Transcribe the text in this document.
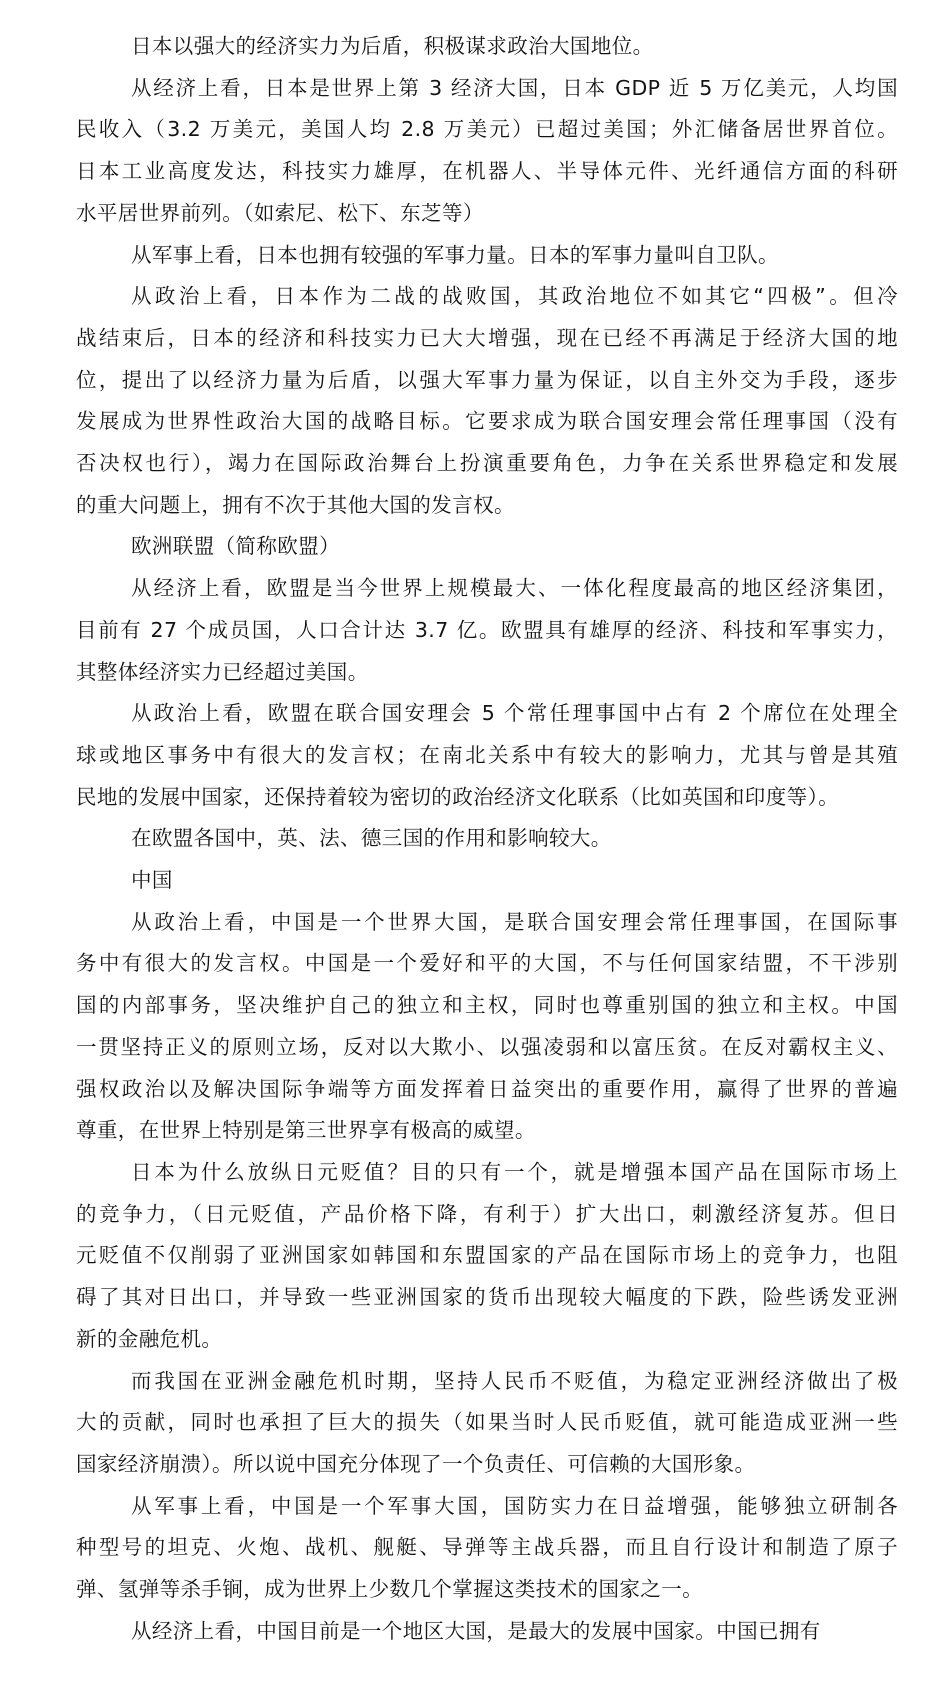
日本以强大的经济实力为后盾，积极谋求政治大国地位。
从经济上看，日本是世界上第 3 经济大国，日本 GDP 近 5 万亿美元，人均国
民收入（3.2 万美元，美国人均 2.8 万美元）已超过美国；外汇储备居世界首位。
日本工业高度发达，科技实力雄厚，在机器人、半导体元件、光纤通信方面的科研
水平居世界前列。（如索尼、松下、东芝等）
从军事上看，日本也拥有较强的军事力量。日本的军事力量叫自卫队。
从政治上看，日本作为二战的战败国，其政治地位不如其它“四极”。但冷
战结束后，日本的经济和科技实力已大大增强，现在已经不再满足于经济大国的地
位，提出了以经济力量为后盾，以强大军事力量为保证，以自主外交为手段，逐步
发展成为世界性政治大国的战略目标。它要求成为联合国安理会常任理事国（没有
否决权也行），竭力在国际政治舞台上扮演重要角色，力争在关系世界稳定和发展
的重大问题上，拥有不次于其他大国的发言权。
欧洲联盟（简称欧盟）
从经济上看，欧盟是当今世界上规模最大、一体化程度最高的地区经济集团，
目前有 27 个成员国，人口合计达 3.7 亿。欧盟具有雄厚的经济、科技和军事实力，
其整体经济实力已经超过美国。
从政治上看，欧盟在联合国安理会 5 个常任理事国中占有 2 个席位在处理全
球或地区事务中有很大的发言权；在南北关系中有较大的影响力，尤其与曾是其殖
民地的发展中国家，还保持着较为密切的政治经济文化联系（比如英国和印度等）。
在欧盟各国中，英、法、德三国的作用和影响较大。
中国
从政治上看，中国是一个世界大国，是联合国安理会常任理事国，在国际事
务中有很大的发言权。中国是一个爱好和平的大国，不与任何国家结盟，不干涉别
国的内部事务，坚决维护自己的独立和主权，同时也尊重别国的独立和主权。中国
一贯坚持正义的原则立场，反对以大欺小、以强凌弱和以富压贫。在反对霸权主义、
强权政治以及解决国际争端等方面发挥着日益突出的重要作用，赢得了世界的普遍
尊重，在世界上特别是第三世界享有极高的威望。
日本为什么放纵日元贬值？目的只有一个，就是增强本国产品在国际市场上
的竞争力，（日元贬值，产品价格下降，有利于）扩大出口，刺激经济复苏。但日
元贬值不仅削弱了亚洲国家如韩国和东盟国家的产品在国际市场上的竞争力，也阻
碍了其对日出口，并导致一些亚洲国家的货币出现较大幅度的下跌，险些诱发亚洲
新的金融危机。
而我国在亚洲金融危机时期，坚持人民币不贬值，为稳定亚洲经济做出了极
大的贡献，同时也承担了巨大的损失（如果当时人民币贬值，就可能造成亚洲一些
国家经济崩溃）。所以说中国充分体现了一个负责任、可信赖的大国形象。
从军事上看，中国是一个军事大国，国防实力在日益增强，能够独立研制各
种型号的坦克、火炮、战机、舰艇、导弹等主战兵器，而且自行设计和制造了原子
弹、氢弹等杀手锏，成为世界上少数几个掌握这类技术的国家之一。
从经济上看，中国目前是一个地区大国，是最大的发展中国家。中国已拥有
